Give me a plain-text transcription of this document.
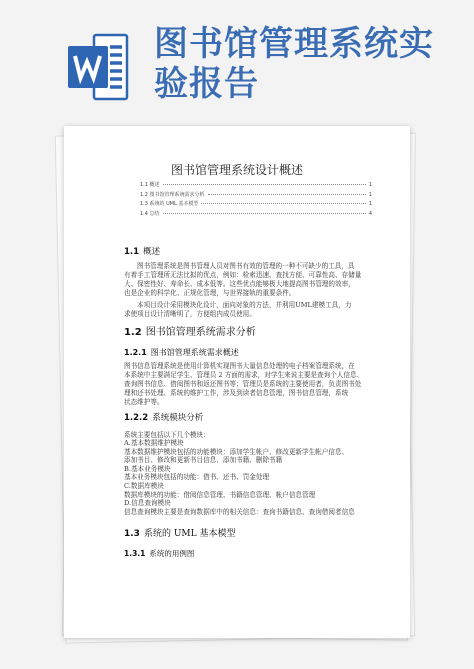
图书馆管理系统实
验报告
图书馆管理系统设计概述
1.1 概述	1
1.2 图书馆管理系统需求分析	1
1.3 系统的 UML 基本模型	1
1.4 总结	4
1.1 概述
图书管理系统是图书管理人员对图书有效的管理的一种不可缺少的工具，具
有着手工管理所无法比拟的优点，例如：检索迅速、查找方便、可靠性高、存储量
大、保密性好、寿命长、成本低等。这些优点能够极大地提高图书管理的效率，
也是企业的科学化、正规化管理，与世界接轨的重要条件。
本项目设计采用模块化设计，面向对象的方法，并利用UML建模工具，力
求使项目设计清晰明了，方便组内成员使用。
1.2 图书馆管理系统需求分析
1.2.1 图书馆管理系统需求概述
图书信息管理系统是使用计算机实现图书大量信息处理的电子档案管理系统，在
本系统中主要满足学生、管理员 2 方面的需求，对学生来说主要是查询个人信息、
查询图书信息、借阅图书和返还图书等；管理员是系统的主要使用者，负责图书处
理和还书处理、系统的维护工作，涉及到读者信息管理，图书信息管理，系统
状态维护等。
1.2.2 系统模块分析
系统主要包括以下几个模块：
A.基本数据维护模块
基本数据维护模块包括的功能模块：添加学生帐户、修改更新学生帐户信息、
添加书目、修改和更新书目信息、添加书籍、删除书籍
B.基本业务模块
基本业务模块包括的功能：借书、还书、罚金处理
C.数据库模块
数据库模块的功能：借阅信息管理、书籍信息管理、帐户信息管理
D.信息查询模块
信息查询模块主要是查询数据库中的相关信息：查询书籍信息、查询借阅者信息
1.3 系统的 UML 基本模型
1.3.1 系统的用例图
